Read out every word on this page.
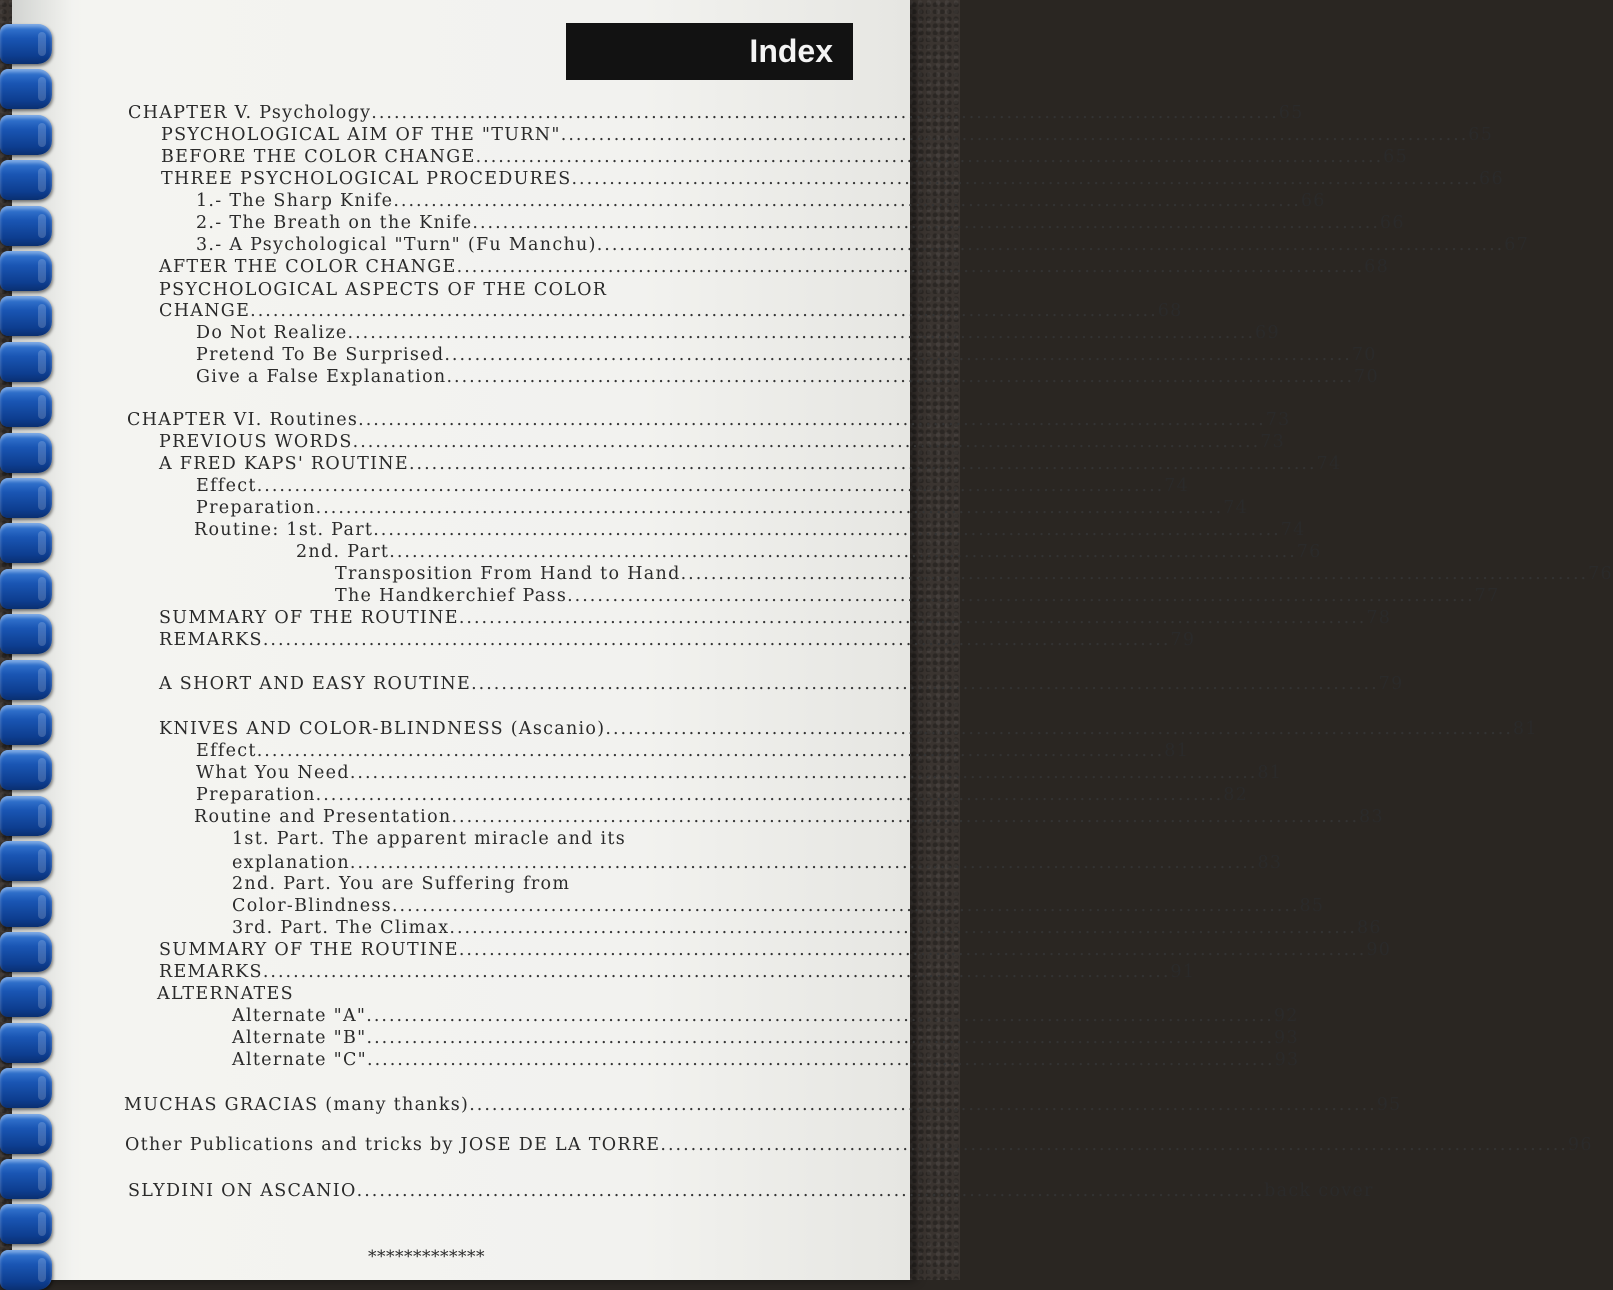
Index
CHAPTER V. Psychology ........................................................................................................................ 65
PSYCHOLOGICAL AIM OF THE "TURN" ........................................................................................................................ 65
BEFORE THE COLOR CHANGE ........................................................................................................................ 65
THREE PSYCHOLOGICAL PROCEDURES ........................................................................................................................ 66
1.- The Sharp Knife ........................................................................................................................ 66
2.- The Breath on the Knife ........................................................................................................................ 66
3.- A Psychological "Turn" (Fu Manchu) ........................................................................................................................ 67
AFTER THE COLOR CHANGE ........................................................................................................................ 68
PSYCHOLOGICAL ASPECTS OF THE COLOR
CHANGE ........................................................................................................................ 68
Do Not Realize ........................................................................................................................ 69
Pretend To Be Surprised ........................................................................................................................ 70
Give a False Explanation ........................................................................................................................ 70
CHAPTER VI. Routines ........................................................................................................................ 73
PREVIOUS WORDS ........................................................................................................................ 73
A FRED KAPS' ROUTINE ........................................................................................................................ 74
Effect ........................................................................................................................ 74
Preparation ........................................................................................................................ 74
Routine: 1st. Part ........................................................................................................................ 74
2nd. Part ........................................................................................................................ 76
Transposition From Hand to Hand ........................................................................................................................ 76
The Handkerchief Pass ........................................................................................................................ 77
SUMMARY OF THE ROUTINE ........................................................................................................................ 78
REMARKS ........................................................................................................................ 79
A SHORT AND EASY ROUTINE ........................................................................................................................ 79
KNIVES AND COLOR-BLINDNESS (Ascanio) ........................................................................................................................ 81
Effect ........................................................................................................................ 81
What You Need ........................................................................................................................ 81
Preparation ........................................................................................................................ 82
Routine and Presentation ........................................................................................................................ 83
1st. Part. The apparent miracle and its
explanation ........................................................................................................................ 83
2nd. Part. You are Suffering from
Color-Blindness ........................................................................................................................ 85
3rd. Part. The Climax ........................................................................................................................ 86
SUMMARY OF THE ROUTINE ........................................................................................................................ 90
REMARKS ........................................................................................................................ 91
ALTERNATES
Alternate "A" ........................................................................................................................ 92
Alternate "B" ........................................................................................................................ 93
Alternate "C" ........................................................................................................................ 93
MUCHAS GRACIAS (many thanks) ........................................................................................................................ 95
Other Publications and tricks by JOSE DE LA TORRE ........................................................................................................................ 96
SLYDINI ON ASCANIO ........................................................................................................................ back cover
*************
